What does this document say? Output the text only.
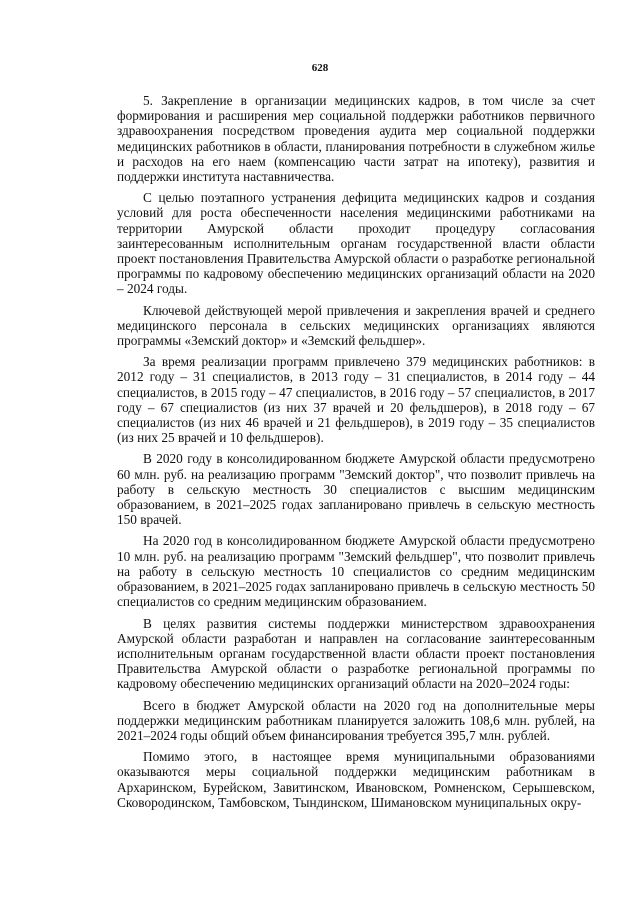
628

5. Закрепление в организации медицинских кадров, в том числе за счет формирования и расширения мер социальной поддержки работников первичного здравоохранения посредством проведения аудита мер социальной поддержки медицинских работников в области, планирования потребности в служебном жилье и расходов на его наем (компенсацию части затрат на ипотеку), развития и поддержки института наставничества.

С целью поэтапного устранения дефицита медицинских кадров и создания условий для роста обеспеченности населения медицинскими работниками на территории Амурской области проходит процедуру согласования заинтересованным исполнительным органам государственной власти области проект постановления Правительства Амурской области о разработке региональной программы по кадровому обеспечению медицинских организаций области на 2020 – 2024 годы.

Ключевой действующей мерой привлечения и закрепления врачей и среднего медицинского персонала в сельских медицинских организациях являются программы «Земский доктор» и «Земский фельдшер».

За время реализации программ привлечено 379 медицинских работников: в 2012 году – 31 специалистов, в 2013 году – 31 специалистов, в 2014 году – 44 специалистов, в 2015 году – 47 специалистов, в 2016 году – 57 специалистов, в 2017 году – 67 специалистов (из них 37 врачей и 20 фельдшеров), в 2018 году – 67 специалистов (из них 46 врачей и 21 фельдшеров), в 2019 году – 35 специалистов (из них 25 врачей и 10 фельдшеров).

В 2020 году в консолидированном бюджете Амурской области предусмотрено 60 млн. руб. на реализацию программ "Земский доктор", что позволит привлечь на работу в сельскую местность 30 специалистов с высшим медицинским образованием, в 2021–2025 годах запланировано привлечь в сельскую местность 150 врачей.

На 2020 год в консолидированном бюджете Амурской области предусмотрено 10 млн. руб. на реализацию программ "Земский фельдшер", что позволит привлечь на работу в сельскую местность 10 специалистов со средним медицинским образованием, в 2021–2025 годах запланировано привлечь в сельскую местность 50 специалистов со средним медицинским образованием.

В целях развития системы поддержки министерством здравоохранения Амурской области разработан и направлен на согласование заинтересованным исполнительным органам государственной власти области проект постановления Правительства Амурской области о разработке региональной программы по кадровому обеспечению медицинских организаций области на 2020–2024 годы:

Всего в бюджет Амурской области на 2020 год на дополнительные меры поддержки медицинским работникам планируется заложить 108,6 млн. рублей, на 2021–2024 годы общий объем финансирования требуется 395,7 млн. рублей.

Помимо этого, в настоящее время муниципальными образованиями оказываются меры социальной поддержки медицинским работникам в Архаринском, Бурейском, Завитинском, Ивановском, Ромненском, Серышевском, Сковородинском, Тамбовском, Тындинском, Шимановском муниципальных окру-
